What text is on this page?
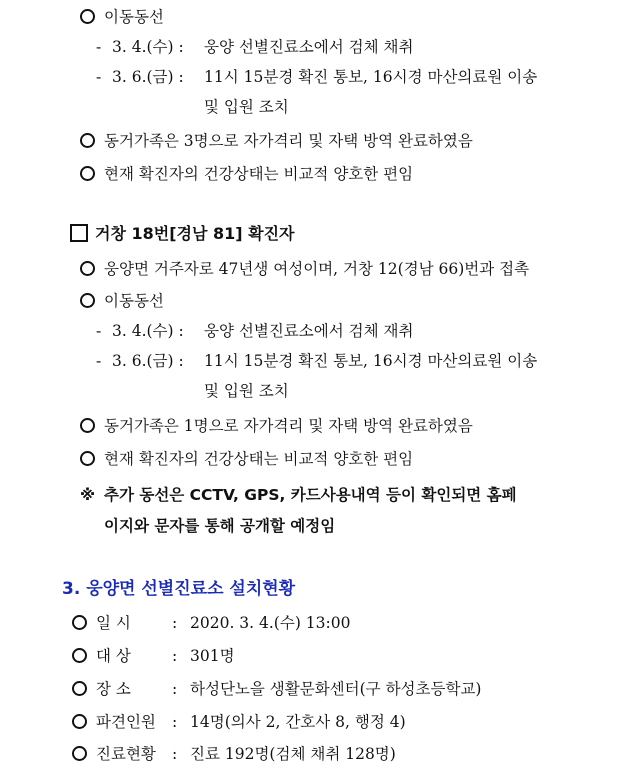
이동동선
- 3. 4.(수) : 웅양 선별진료소에서 검체 채취
- 3. 6.(금) : 11시 15분경 확진 통보, 16시경 마산의료원 이송
및 입원 조치
동거가족은 3명으로 자가격리 및 자택 방역 완료하였음
현재 확진자의 건강상태는 비교적 양호한 편임
거창 18번[경남 81] 확진자
웅양면 거주자로 47년생 여성이며, 거창 12(경남 66)번과 접촉
이동동선
- 3. 4.(수) : 웅양 선별진료소에서 검체 재취
- 3. 6.(금) : 11시 15분경 확진 통보, 16시경 마산의료원 이송
및 입원 조치
동거가족은 1명으로 자가격리 및 자택 방역 완료하였음
현재 확진자의 건강상태는 비교적 양호한 편임
※ 추가 동선은 CCTV, GPS, 카드사용내역 등이 확인되면 홈페
이지와 문자를 통해 공개할 예정임
3. 웅양면 선별진료소 설치현황
일 시	: 2020. 3. 4.(수) 13:00
대 상	: 301명
장 소	: 하성단노을 생활문화센터(구 하성초등학교)
파견인원 : 14명(의사 2, 간호사 8, 행정 4)
진료현황 : 진료 192명(검체 채취 128명)
